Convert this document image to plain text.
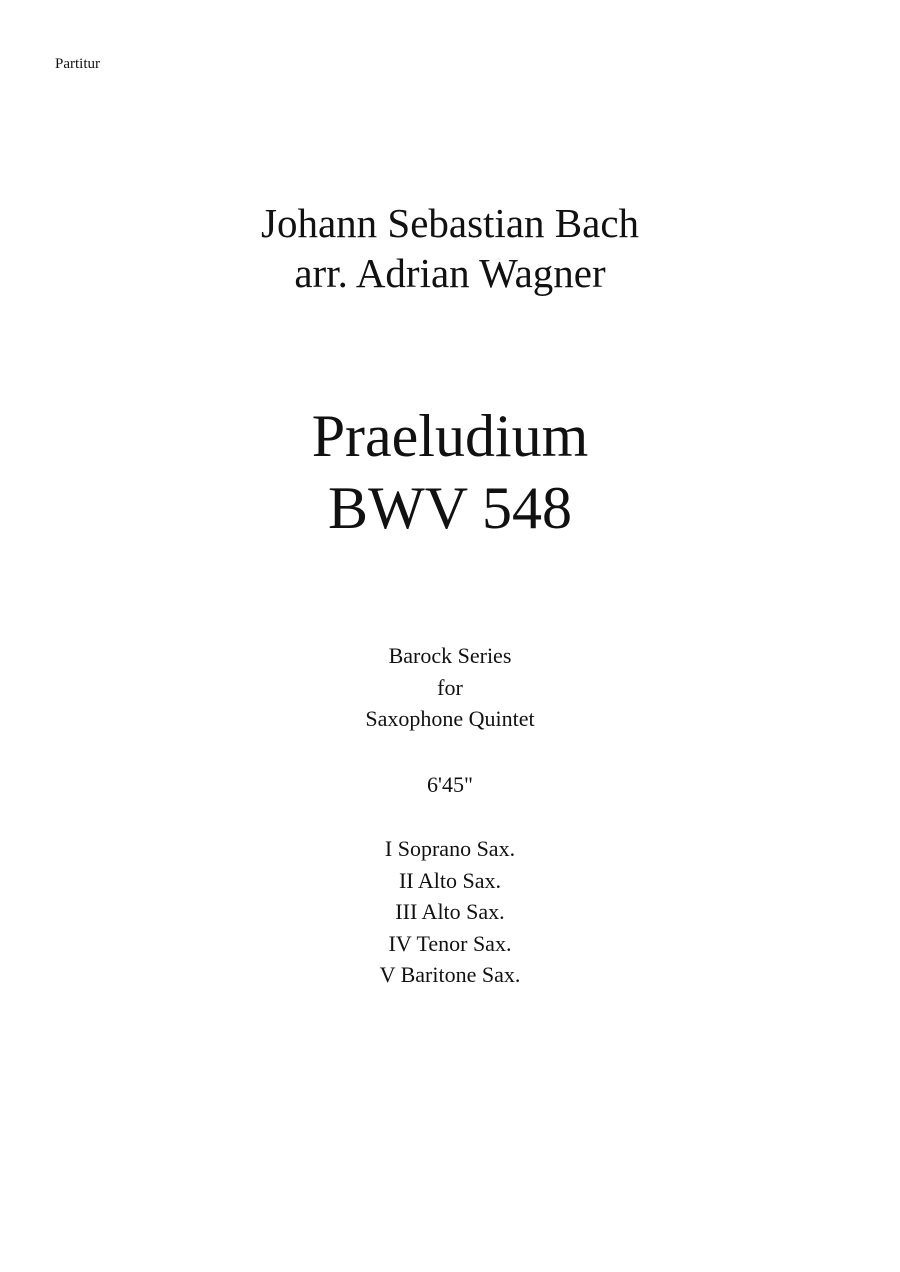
Partitur
Johann Sebastian Bach
arr. Adrian Wagner
Praeludium
BWV 548
Barock Series
for
Saxophone Quintet
6'45"
I Soprano Sax.
II Alto Sax.
III Alto Sax.
IV Tenor Sax.
V Baritone Sax.
